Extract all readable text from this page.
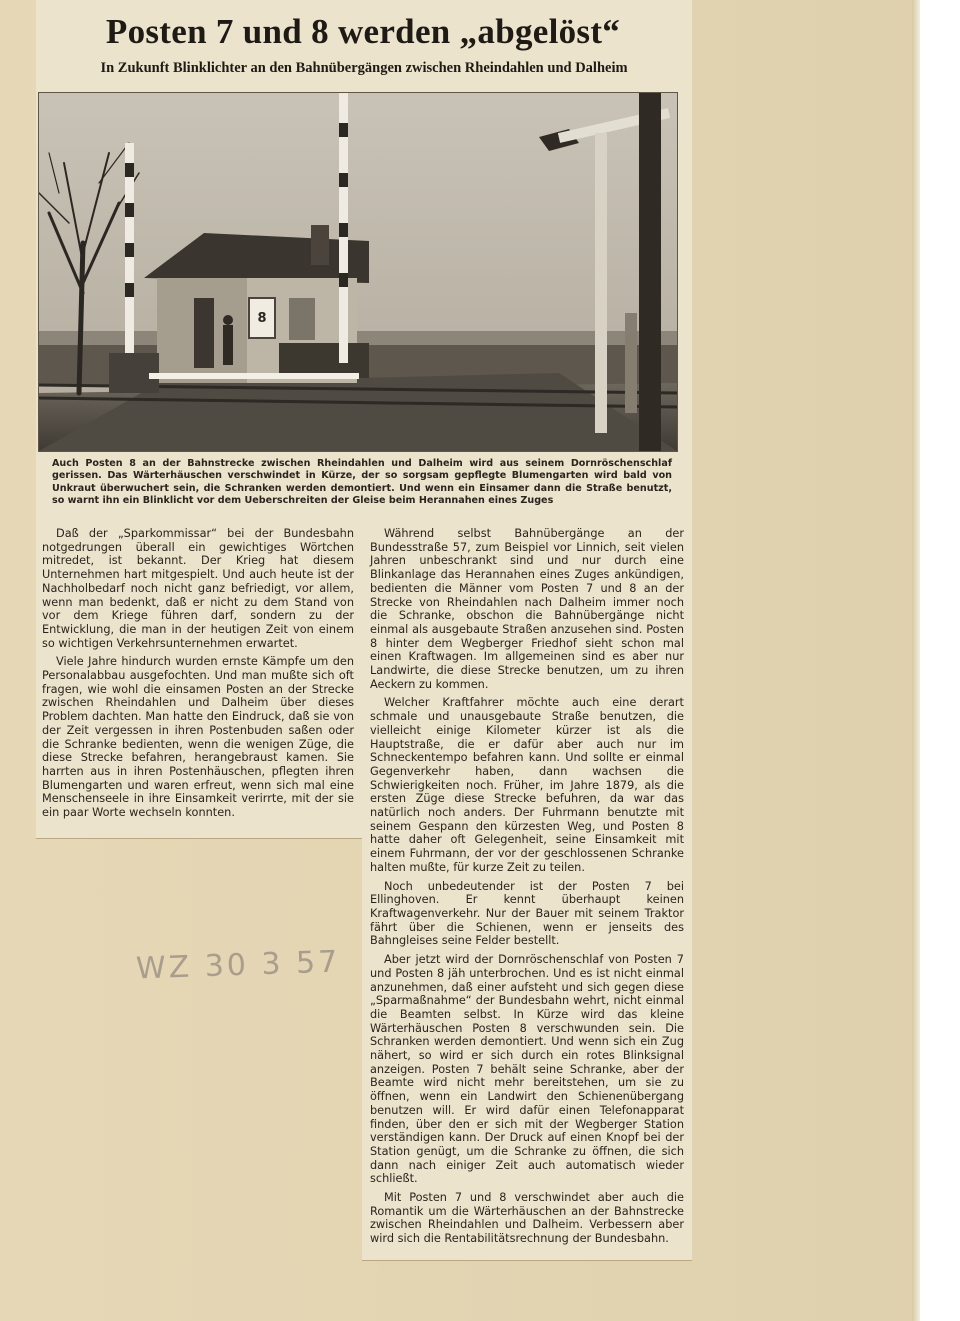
Posten 7 und 8 werden „abgelöst“
In Zukunft Blinklichter an den Bahnübergängen zwischen Rheindahlen und Dalheim
8

Auch Posten 8 an der Bahnstrecke zwischen Rheindahlen und Dalheim wird aus seinem Dornröschenschlaf gerissen. Das Wärterhäuschen verschwindet in Kürze, der so sorgsam gepflegte Blumengarten wird bald von Unkraut überwuchert sein, die Schranken werden demontiert. Und wenn ein Einsamer dann die Straße benutzt, so warnt ihn ein Blinklicht vor dem Ueberschreiten der Gleise beim Herannahen eines Zuges

Daß der „Sparkommissar“ bei der Bundesbahn notgedrungen überall ein gewichtiges Wörtchen mitredet, ist bekannt. Der Krieg hat diesem Unternehmen hart mitgespielt. Und auch heute ist der Nachholbedarf noch nicht ganz befriedigt, vor allem, wenn man bedenkt, daß er nicht zu dem Stand von vor dem Kriege führen darf, sondern zu der Entwicklung, die man in der heutigen Zeit von einem so wichtigen Verkehrsunternehmen erwartet.

Viele Jahre hindurch wurden ernste Kämpfe um den Personalabbau ausgefochten. Und man mußte sich oft fragen, wie wohl die einsamen Posten an der Strecke zwischen Rheindahlen und Dalheim über dieses Problem dachten. Man hatte den Eindruck, daß sie von der Zeit vergessen in ihren Postenbuden saßen oder die Schranke bedienten, wenn die wenigen Züge, die diese Strecke befahren, herangebraust kamen. Sie harrten aus in ihren Postenhäuschen, pflegten ihren Blumengarten und waren erfreut, wenn sich mal eine Menschenseele in ihre Einsamkeit verirrte, mit der sie ein paar Worte wechseln konnten.

Während selbst Bahnübergänge an der Bundesstraße 57, zum Beispiel vor Linnich, seit vielen Jahren unbeschrankt sind und nur durch eine Blinkanlage das Herannahen eines Zuges ankündigen, bedienten die Männer vom Posten 7 und 8 an der Strecke von Rheindahlen nach Dalheim immer noch die Schranke, obschon die Bahnübergänge nicht einmal als ausgebaute Straßen anzusehen sind. Posten 8 hinter dem Wegberger Friedhof sieht schon mal einen Kraftwagen. Im allgemeinen sind es aber nur Landwirte, die diese Strecke benutzen, um zu ihren Aeckern zu kommen.

Welcher Kraftfahrer möchte auch eine derart schmale und unausgebaute Straße benutzen, die vielleicht einige Kilometer kürzer ist als die Hauptstraße, die er dafür aber auch nur im Schneckentempo befahren kann. Und sollte er einmal Gegenverkehr haben, dann wachsen die Schwierigkeiten noch. Früher, im Jahre 1879, als die ersten Züge diese Strecke befuhren, da war das natürlich noch anders. Der Fuhrmann benutzte mit seinem Gespann den kürzesten Weg, und Posten 8 hatte daher oft Gelegenheit, seine Einsamkeit mit einem Fuhrmann, der vor der geschlossenen Schranke halten mußte, für kurze Zeit zu teilen.

Noch unbedeutender ist der Posten 7 bei Ellinghoven. Er kennt überhaupt keinen Kraftwagenverkehr. Nur der Bauer mit seinem Traktor fährt über die Schienen, wenn er jenseits des Bahngleises seine Felder bestellt.

Aber jetzt wird der Dornröschenschlaf von Posten 7 und Posten 8 jäh unterbrochen. Und es ist nicht einmal anzunehmen, daß einer aufsteht und sich gegen diese „Sparmaßnahme“ der Bundesbahn wehrt, nicht einmal die Beamten selbst. In Kürze wird das kleine Wärterhäuschen Posten 8 verschwunden sein. Die Schranken werden demontiert. Und wenn sich ein Zug nähert, so wird er sich durch ein rotes Blinksignal anzeigen. Posten 7 behält seine Schranke, aber der Beamte wird nicht mehr bereitstehen, um sie zu öffnen, wenn ein Landwirt den Schienenübergang benutzen will. Er wird dafür einen Telefonapparat finden, über den er sich mit der Wegberger Station verständigen kann. Der Druck auf einen Knopf bei der Station genügt, um die Schranke zu öffnen, die sich dann nach einiger Zeit auch automatisch wieder schließt.

Mit Posten 7 und 8 verschwindet aber auch die Romantik um die Wärterhäuschen an der Bahnstrecke zwischen Rheindahlen und Dalheim. Verbessern aber wird sich die Rentabilitätsrechnung der Bundesbahn.

WZ 30 3 57
